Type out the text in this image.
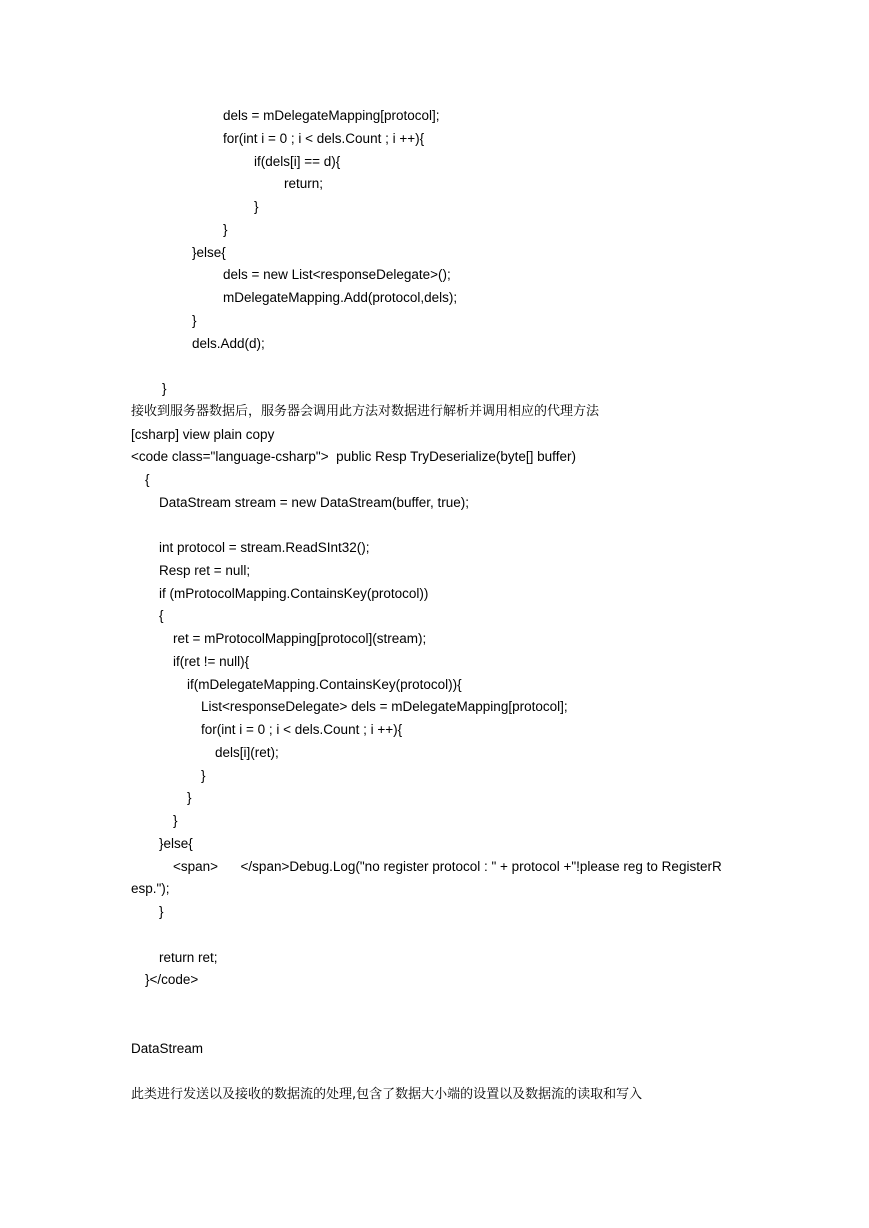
dels = mDelegateMapping[protocol];
for(int i = 0 ; i < dels.Count ; i ++){
if(dels[i] == d){
return;
}
}
}else{
dels = new List<responseDelegate>();
mDelegateMapping.Add(protocol,dels);
}
dels.Add(d);
}
接收到服务器数据后，服务器会调用此方法对数据进行解析并调用相应的代理方法
[csharp] view plain copy
<code class="language-csharp">  public Resp TryDeserialize(byte[] buffer)
{
DataStream stream = new DataStream(buffer, true);
int protocol = stream.ReadSInt32();
Resp ret = null;
if (mProtocolMapping.ContainsKey(protocol))
{
ret = mProtocolMapping[protocol](stream);
if(ret != null){
if(mDelegateMapping.ContainsKey(protocol)){
List<responseDelegate> dels = mDelegateMapping[protocol];
for(int i = 0 ; i < dels.Count ; i ++){
dels[i](ret);
}
}
}
}else{
<span>      </span>Debug.Log("no register protocol : " + protocol +"!please reg to RegisterR
esp.");
}
return ret;
}</code>
DataStream
此类进行发送以及接收的数据流的处理,包含了数据大小端的设置以及数据流的读取和写入
